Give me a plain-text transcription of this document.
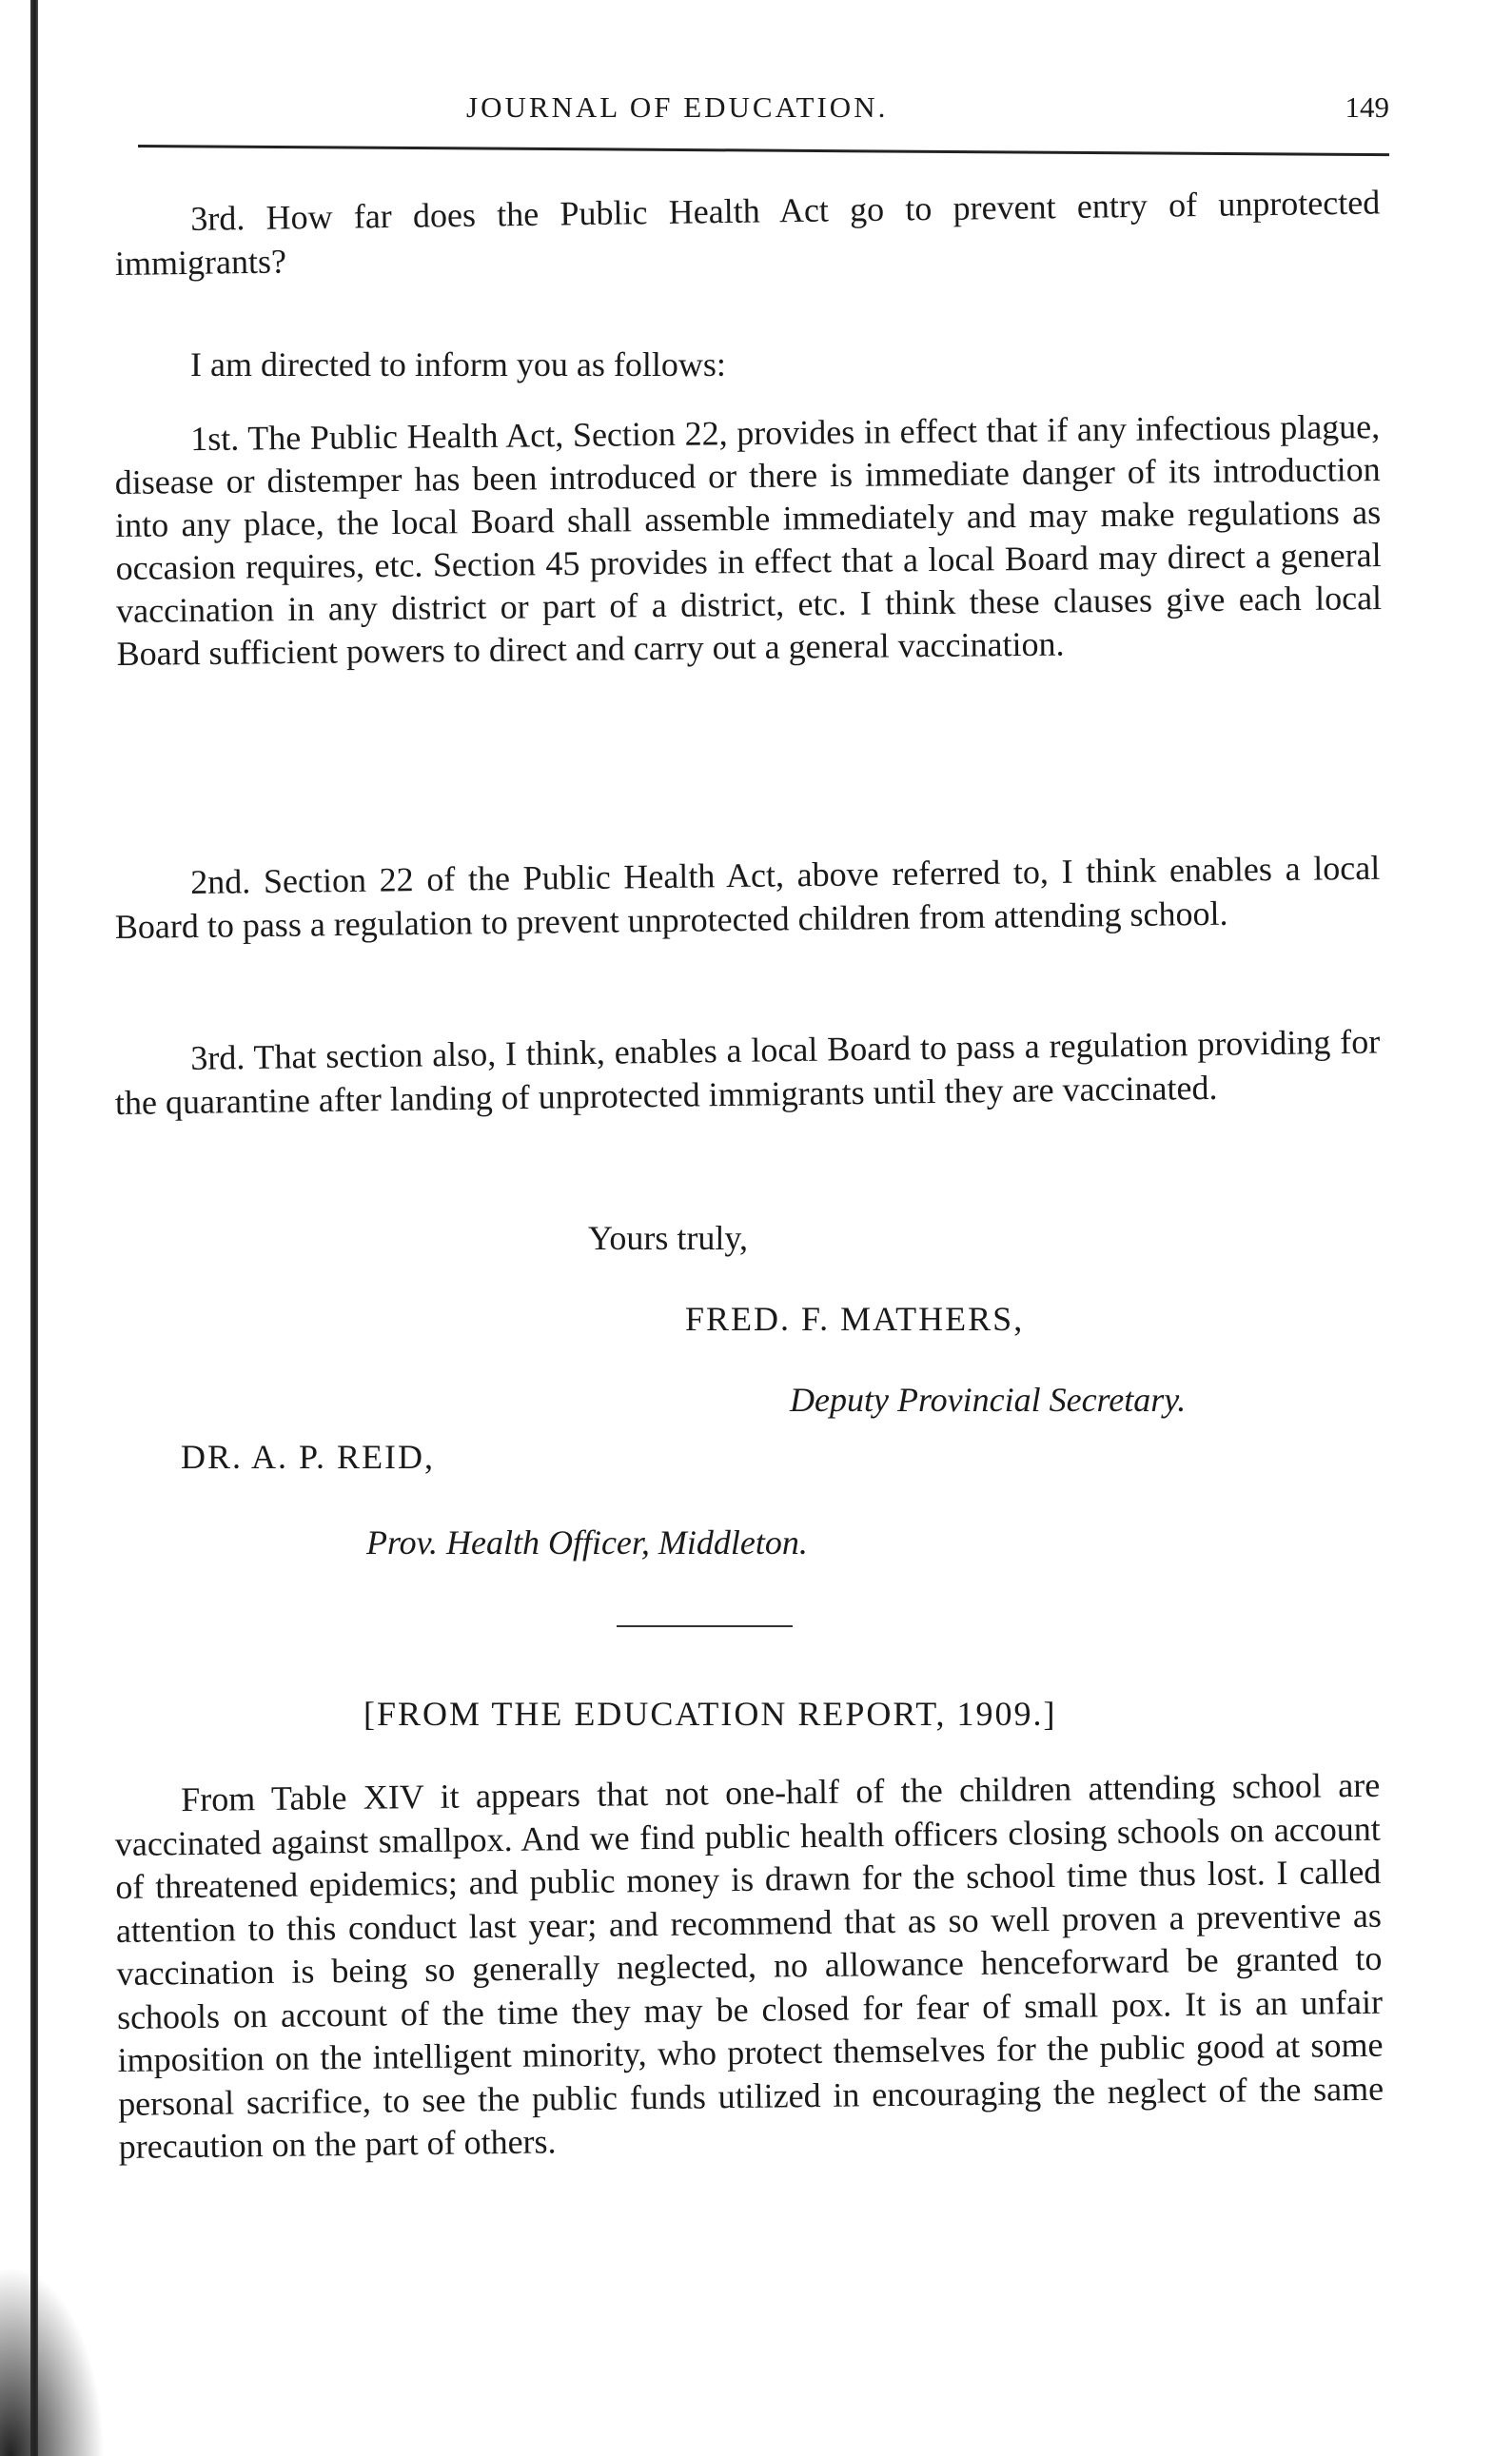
JOURNAL OF EDUCATION.	149

3rd. How far does the Public Health Act go to prevent entry of unprotected immigrants?

I am directed to inform you as follows:

1st. The Public Health Act, Section 22, provides in effect that if any infectious plague, disease or distemper has been introduced or there is immediate danger of its introduction into any place, the local Board shall assemble immediately and may make regulations as occasion requires, etc. Section 45 provides in effect that a local Board may direct a general vaccination in any district or part of a district, etc. I think these clauses give each local Board sufficient powers to direct and carry out a general vaccination.

2nd. Section 22 of the Public Health Act, above referred to, I think enables a local Board to pass a regulation to prevent unprotected children from attending school.

3rd. That section also, I think, enables a local Board to pass a regulation providing for the quarantine after landing of unprotected immigrants until they are vaccinated.

Yours truly,
FRED. F. MATHERS,
Deputy Provincial Secretary.
DR. A. P. REID,
Prov. Health Officer, Middleton.
[FROM THE EDUCATION REPORT, 1909.]

From Table XIV it appears that not one-half of the children attending school are vaccinated against smallpox. And we find public health officers closing schools on account of threatened epidemics; and public money is drawn for the school time thus lost. I called attention to this conduct last year; and recommend that as so well proven a preventive as vaccination is being so generally neglected, no allowance henceforward be granted to schools on account of the time they may be closed for fear of small pox. It is an unfair imposition on the intelligent minority, who protect themselves for the public good at some personal sacrifice, to see the public funds utilized in encouraging the neglect of the same precaution on the part of others.
